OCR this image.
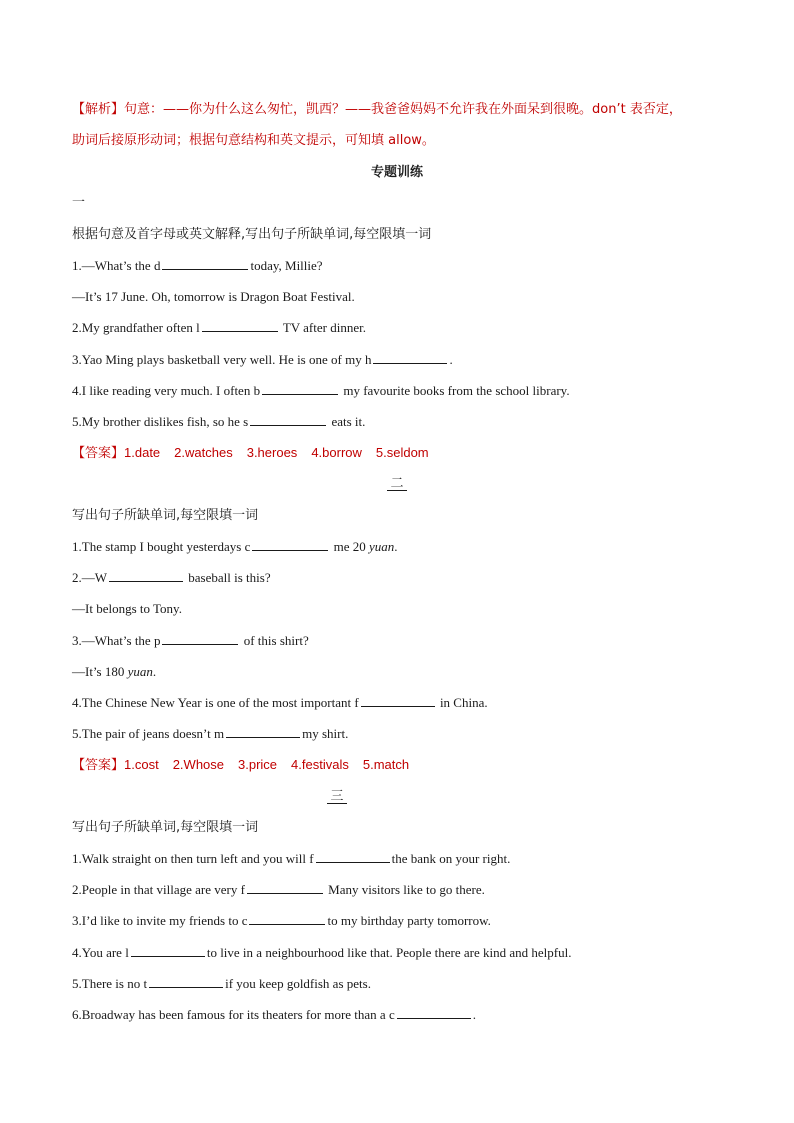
【解析】句意：——你为什么这么匆忙，凯西？——我爸爸妈妈不允许我在外面呆到很晚。don’t 表否定，
助词后接原形动词；根据句意结构和英文提示，可知填 allow。
专题训练
一
根据句意及首字母或英文解释,写出句子所缺单词,每空限填一词
1.—What’s the d	today, Millie?
—It’s 17 June. Oh, tomorrow is Dragon Boat Festival.
2.My grandfather often l	TV after dinner.
3.Yao Ming plays basketball very well. He is one of my h	.
4.I like reading very much. I often b	my favourite books from the school library.
5.My brother dislikes fish, so he s	eats it.
【答案】1.date 2.watches 3.heroes 4.borrow 5.seldom
二
写出句子所缺单词,每空限填一词
1.The stamp I bought yesterdays c	me 20 yuan.
2.—W	baseball is this?
—It belongs to Tony.
3.—What’s the p	of this shirt?
—It’s 180 yuan.
4.The Chinese New Year is one of the most important f	in China.
5.The pair of jeans doesn’t m	my shirt.
【答案】1.cost 2.Whose 3.price 4.festivals 5.match
三
写出句子所缺单词,每空限填一词
1.Walk straight on then turn left and you will f	the bank on your right.
2.People in that village are very f	Many visitors like to go there.
3.I’d like to invite my friends to c	to my birthday party tomorrow.
4.You are l	to live in a neighbourhood like that. People there are kind and helpful.
5.There is no t	if you keep goldfish as pets.
6.Broadway has been famous for its theaters for more than a c	.
